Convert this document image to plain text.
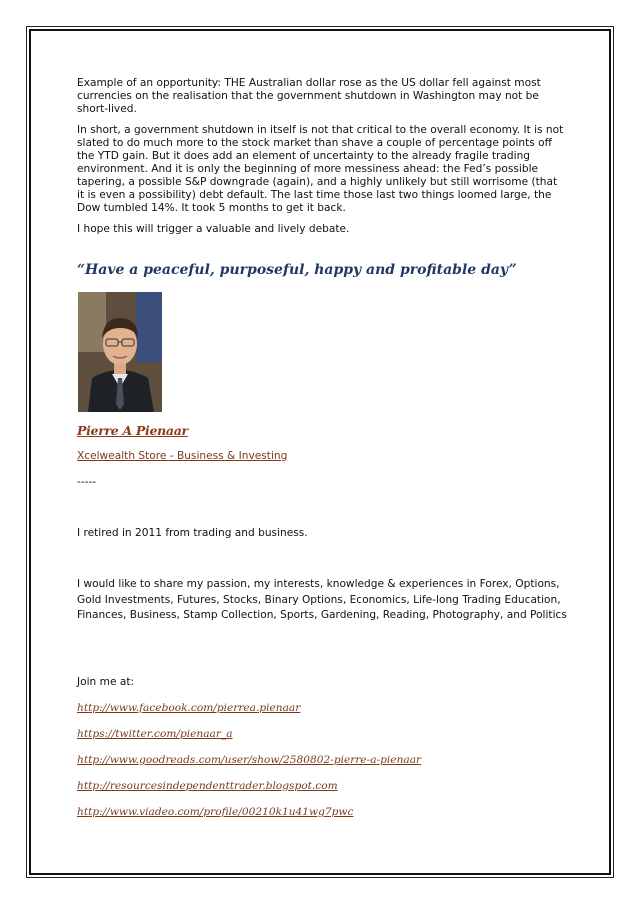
Example of an opportunity: THE Australian dollar rose as the US dollar fell against most currencies on the realisation that the government shutdown in Washington may not be short-lived.
In short, a government shutdown in itself is not that critical to the overall economy. It is not slated to do much more to the stock market than shave a couple of percentage points off the YTD gain. But it does add an element of uncertainty to the already fragile trading environment. And it is only the beginning of more messiness ahead: the Fed’s possible tapering, a possible S&P downgrade (again), and a highly unlikely but still worrisome (that it is even a possibility) debt default. The last time those last two things loomed large, the Dow tumbled 14%. It took 5 months to get it back.
I hope this will trigger a valuable and lively debate.
“Have a peaceful, purposeful, happy and profitable day”
Pierre A Pienaar
Xcelwealth Store - Business & Investing
-----
I retired in 2011 from trading and business.
I would like to share my passion, my interests, knowledge & experiences in Forex, Options, Gold Investments, Futures, Stocks, Binary Options, Economics, Life-long Trading Education, Finances, Business, Stamp Collection, Sports, Gardening, Reading, Photography, and Politics
Join me at:
http://www.facebook.com/pierrea.pienaar
https://twitter.com/pienaar_a
http://www.goodreads.com/user/show/2580802-pierre-a-pienaar
http://resourcesindependenttrader.blogspot.com
http://www.viadeo.com/profile/00210k1u41wg7pwc
